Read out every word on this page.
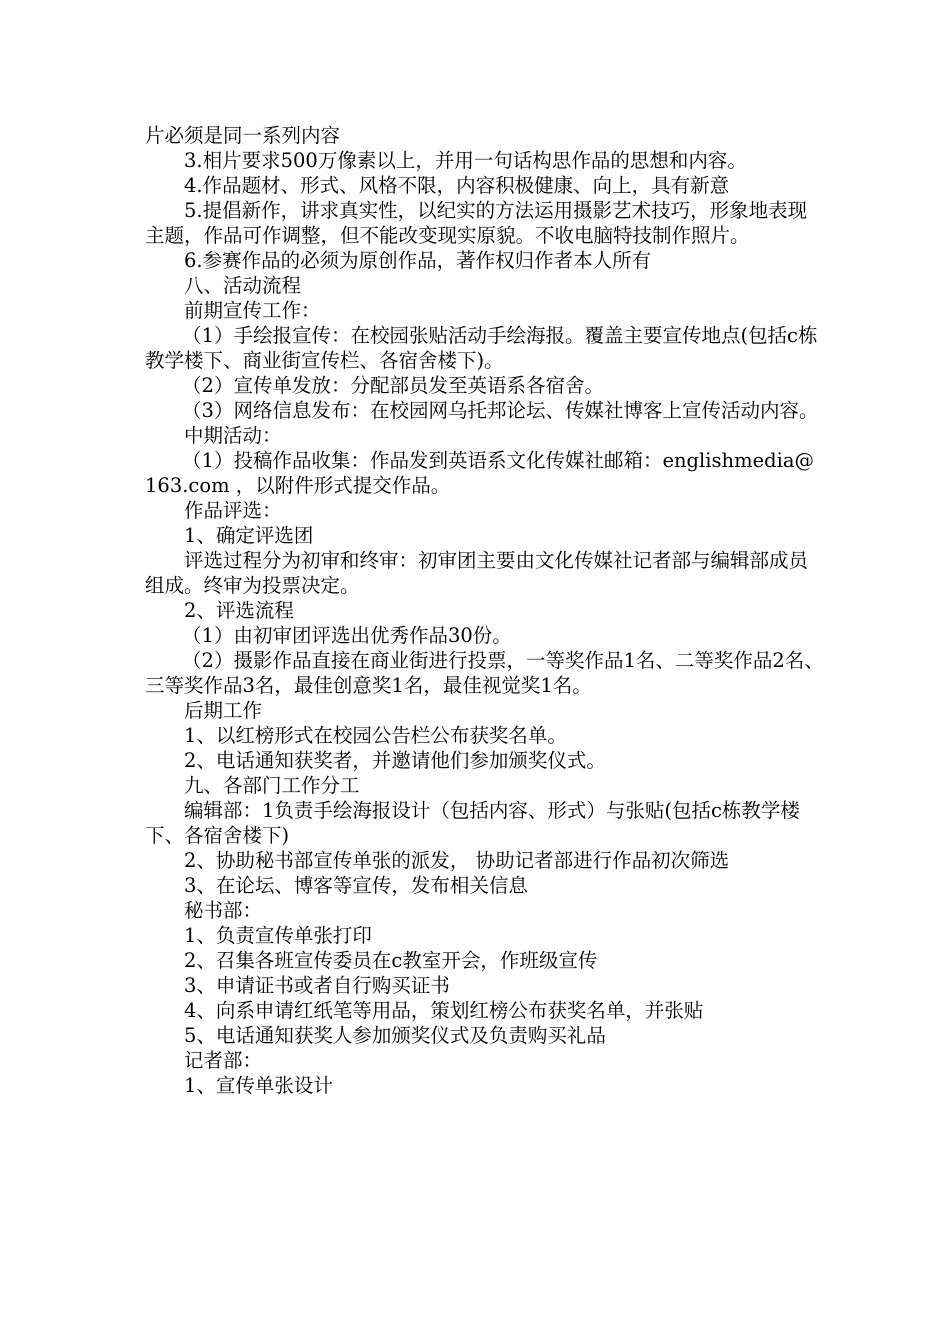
片必须是同一系列内容

3.相片要求500万像素以上，并用一句话构思作品的思想和内容。

4.作品题材、形式、风格不限，内容积极健康、向上，具有新意

5.提倡新作，讲求真实性，以纪实的方法运用摄影艺术技巧，形象地表现主题，作品可作调整，但不能改变现实原貌。不收电脑特技制作照片。

6.参赛作品的必须为原创作品，著作权归作者本人所有

八、活动流程

前期宣传工作：

（1）手绘报宣传：在校园张贴活动手绘海报。覆盖主要宣传地点(包括c栋教学楼下、商业街宣传栏、各宿舍楼下)。

（2）宣传单发放：分配部员发至英语系各宿舍。

（3）网络信息发布：在校园网乌托邦论坛、传媒社博客上宣传活动内容。

中期活动：

（1）投稿作品收集：作品发到英语系文化传媒社邮箱：englishmedia@163.com ，以附件形式提交作品。

作品评选：

1、确定评选团

评选过程分为初审和终审：初审团主要由文化传媒社记者部与编辑部成员组成。终审为投票决定。

2、评选流程

（1）由初审团评选出优秀作品30份。

（2）摄影作品直接在商业街进行投票，一等奖作品1名、二等奖作品2名、三等奖作品3名，最佳创意奖1名，最佳视觉奖1名。

后期工作

1、以红榜形式在校园公告栏公布获奖名单。

2、电话通知获奖者，并邀请他们参加颁奖仪式。

九、各部门工作分工

编辑部：1负责手绘海报设计（包括内容、形式）与张贴(包括c栋教学楼下、各宿舍楼下)

2、协助秘书部宣传单张的派发， 协助记者部进行作品初次筛选

3、在论坛、博客等宣传，发布相关信息

秘书部：

1、负责宣传单张打印

2、召集各班宣传委员在c教室开会，作班级宣传

3、申请证书或者自行购买证书

4、向系申请红纸笔等用品，策划红榜公布获奖名单，并张贴

5、电话通知获奖人参加颁奖仪式及负责购买礼品

记者部：

1、宣传单张设计
